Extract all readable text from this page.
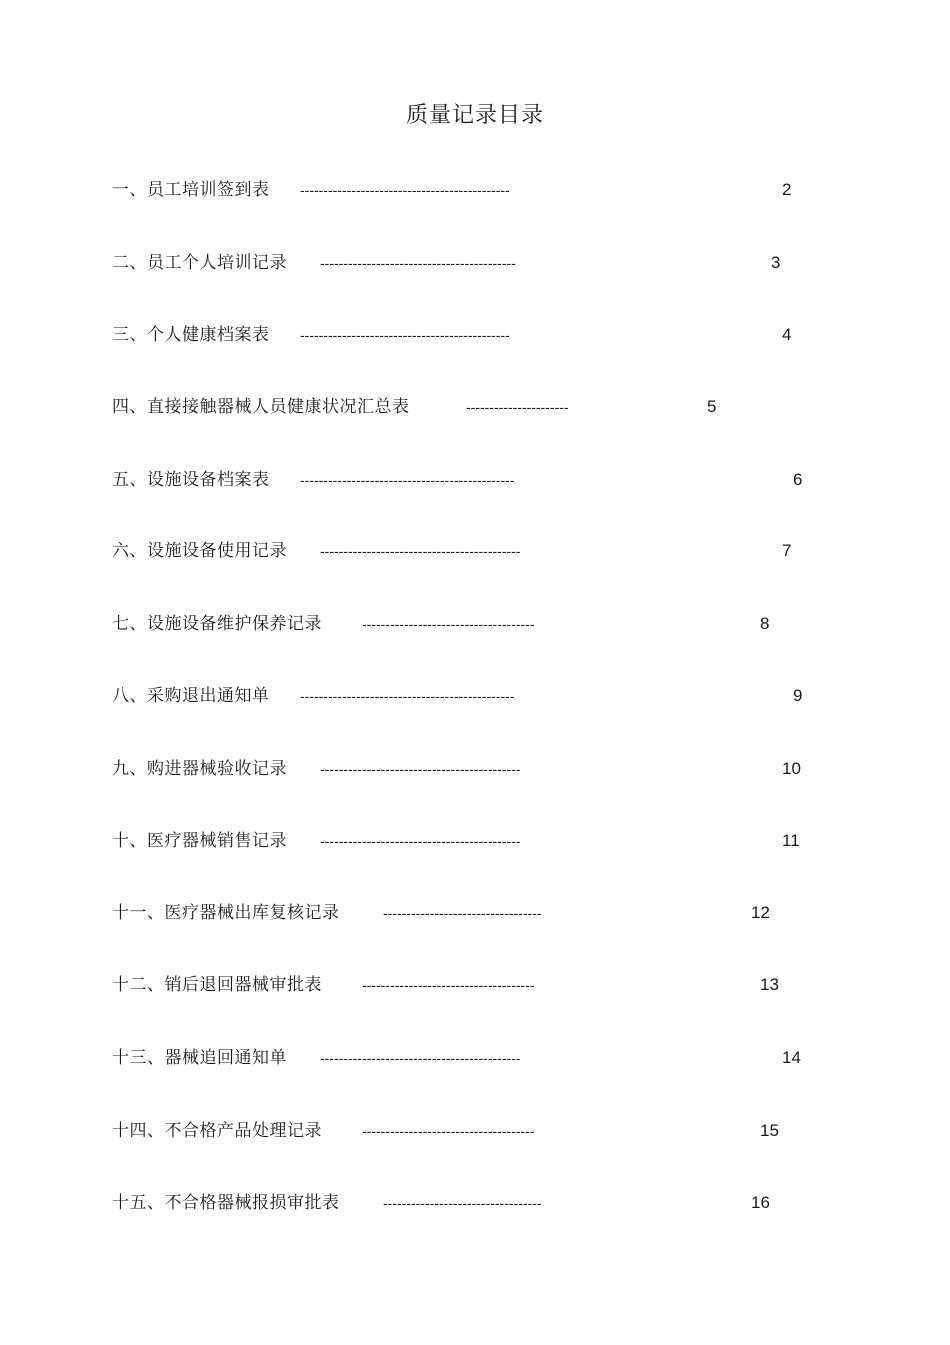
质量记录目录
一、员工培训签到表 ---------------------------------------------	2
二、员工个人培训记录 ------------------------------------------	3
三、个人健康档案表 ---------------------------------------------	4
四、直接接触器械人员健康状况汇总表	----------------------	5
五、设施设备档案表 ----------------------------------------------	6
六、设施设备使用记录 -------------------------------------------	7
七、设施设备维护保养记录	-------------------------------------	8
八、采购退出通知单 ----------------------------------------------	9
九、购进器械验收记录 -------------------------------------------	10
十、医疗器械销售记录 -------------------------------------------	11
十一、医疗器械出库复核记录	----------------------------------	12
十二、销后退回器械审批表	-------------------------------------	13
十三、器械追回通知单 -------------------------------------------	14
十四、不合格产品处理记录	-------------------------------------	15
十五、不合格器械报损审批表	----------------------------------	16
